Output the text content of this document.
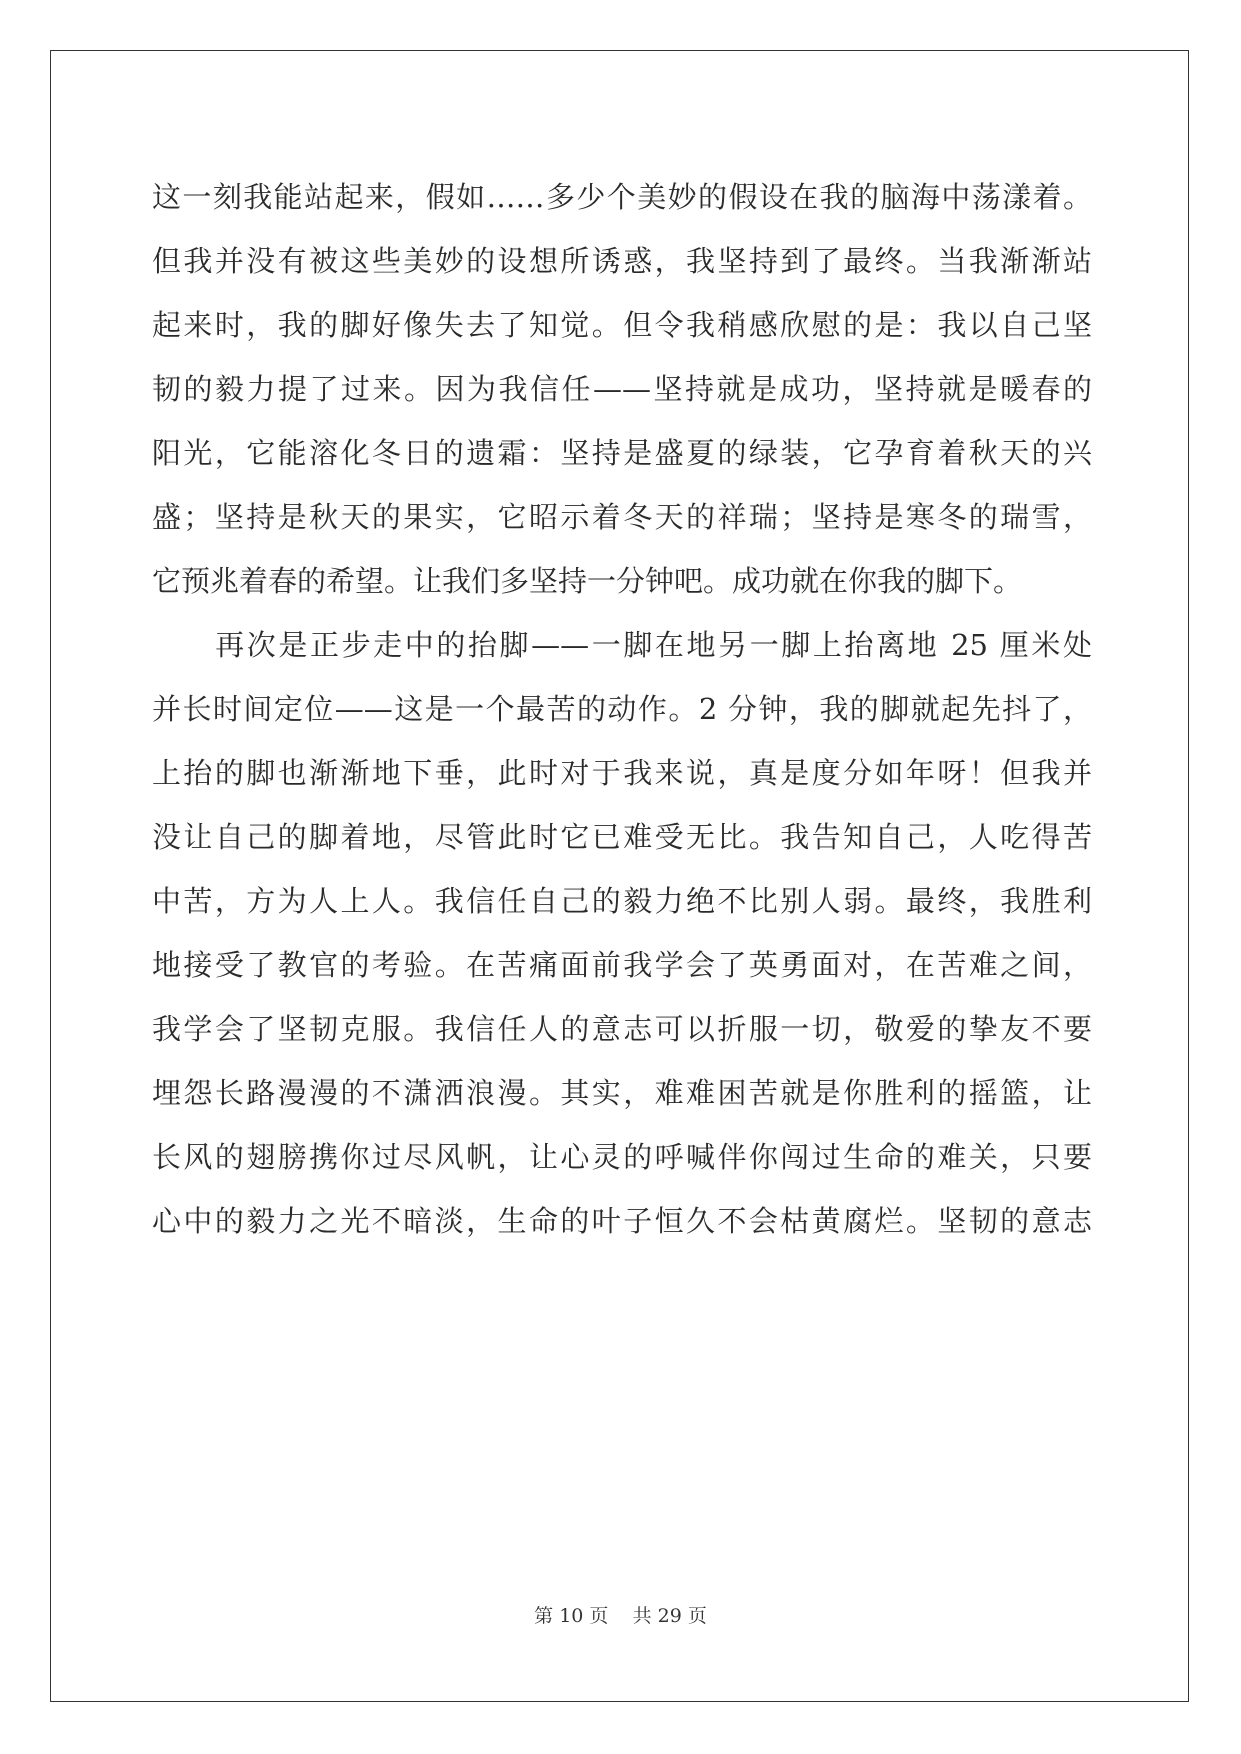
这一刻我能站起来，假如……多少个美妙的假设在我的脑海中荡漾着。
但我并没有被这些美妙的设想所诱惑，我坚持到了最终。当我渐渐站
起来时，我的脚好像失去了知觉。但令我稍感欣慰的是：我以自己坚
韧的毅力提了过来。因为我信任——坚持就是成功，坚持就是暖春的
阳光，它能溶化冬日的遗霜：坚持是盛夏的绿装，它孕育着秋天的兴
盛；坚持是秋天的果实，它昭示着冬天的祥瑞；坚持是寒冬的瑞雪，
它预兆着春的希望。让我们多坚持一分钟吧。成功就在你我的脚下。
　　再次是正步走中的抬脚——一脚在地另一脚上抬离地 25 厘米处
并长时间定位——这是一个最苦的动作。2 分钟，我的脚就起先抖了，
上抬的脚也渐渐地下垂，此时对于我来说，真是度分如年呀！但我并
没让自己的脚着地，尽管此时它已难受无比。我告知自己，人吃得苦
中苦，方为人上人。我信任自己的毅力绝不比别人弱。最终，我胜利
地接受了教官的考验。在苦痛面前我学会了英勇面对，在苦难之间，
我学会了坚韧克服。我信任人的意志可以折服一切，敬爱的挚友不要
埋怨长路漫漫的不潇洒浪漫。其实，难难困苦就是你胜利的摇篮，让
长风的翅膀携你过尽风帆，让心灵的呼喊伴你闯过生命的难关，只要
心中的毅力之光不暗淡，生命的叶子恒久不会枯黄腐烂。坚韧的意志
第 10 页    共 29 页
